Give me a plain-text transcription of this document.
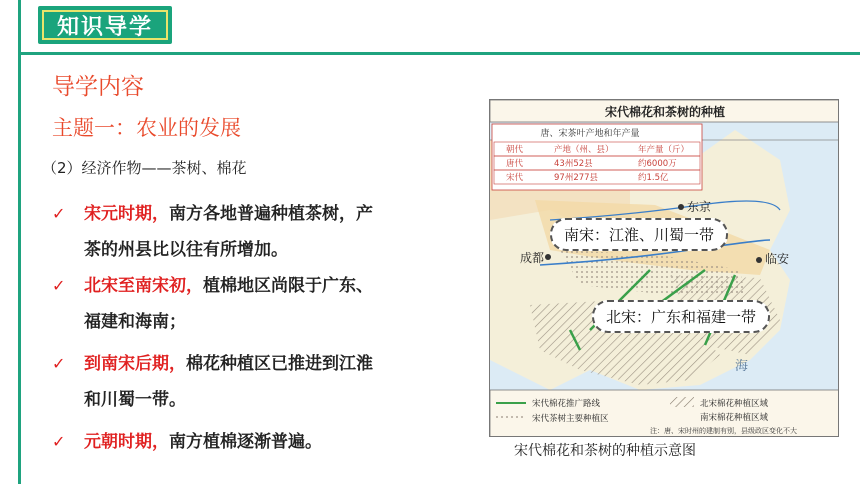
知识导学
导学内容
主题一：农业的发展
（2）经济作物——茶树、棉花
✓ 宋元时期，南方各地普遍种植茶树，产
茶的州县比以往有所增加。
✓ 北宋至南宋初，植棉地区尚限于广东、
福建和海南；
✓ 到南宋后期，棉花种植区已推进到江淮
和川蜀一带。
✓ 元朝时期，南方植棉逐渐普遍。
宋代棉花和茶树的种植
唐、宋茶叶产地和年产量
朝代	产地（州、县）	年产量（斤）
唐代	43州52县	约6000万
宋代	97州277县	约1.5亿
东京
成都	临安
海
宋代棉花推广路线
宋代茶树主要种植区
北宋棉花种植区域
南宋棉花种植区域
注：唐、宋时州的建制有别，县级政区变化不大
南宋：江淮、川蜀一带
北宋：广东和福建一带
宋代棉花和茶树的种植示意图
